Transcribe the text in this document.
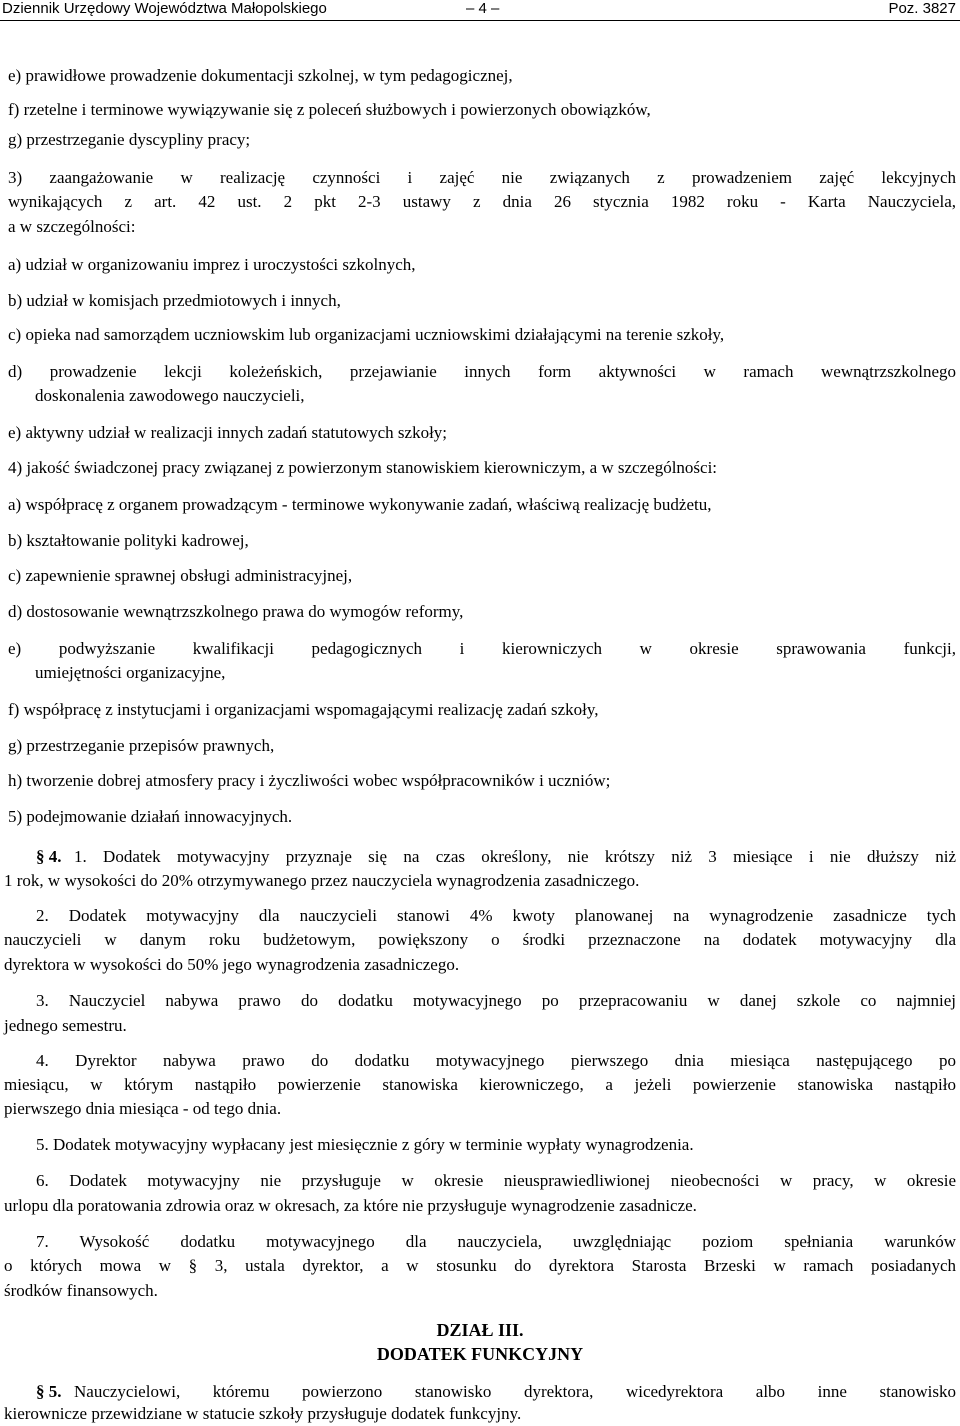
Dziennik Urzędowy Województwa Małopolskiego	– 4 –	Poz. 3827
e) prawidłowe prowadzenie dokumentacji szkolnej, w tym pedagogicznej,
f) rzetelne i terminowe wywiązywanie się z poleceń służbowych i powierzonych obowiązków,
g) przestrzeganie dyscypliny pracy;
3) zaangażowanie w realizację czynności i zajęć nie związanych z prowadzeniem zajęć lekcyjnych
wynikających z art. 42 ust. 2 pkt 2-3 ustawy z dnia 26 stycznia 1982 roku - Karta Nauczyciela,
a w szczególności:
a) udział w organizowaniu imprez i uroczystości szkolnych,
b) udział w komisjach przedmiotowych i innych,
c) opieka nad samorządem uczniowskim lub organizacjami uczniowskimi działającymi na terenie szkoły,
d) prowadzenie lekcji koleżeńskich, przejawianie innych form aktywności w ramach wewnątrzszkolnego
doskonalenia zawodowego nauczycieli,
e) aktywny udział w realizacji innych zadań statutowych szkoły;
4) jakość świadczonej pracy związanej z powierzonym stanowiskiem kierowniczym, a w szczególności:
a) współpracę z organem prowadzącym - terminowe wykonywanie zadań, właściwą realizację budżetu,
b) kształtowanie polityki kadrowej,
c) zapewnienie sprawnej obsługi administracyjnej,
d) dostosowanie wewnątrzszkolnego prawa do wymogów reformy,
e) podwyższanie kwalifikacji pedagogicznych i kierowniczych w okresie sprawowania funkcji,
umiejętności organizacyjne,
f) współpracę z instytucjami i organizacjami wspomagającymi realizację zadań szkoły,
g) przestrzeganie przepisów prawnych,
h) tworzenie dobrej atmosfery pracy i życzliwości wobec współpracowników i uczniów;
5) podejmowanie działań innowacyjnych.
§ 4. 1. Dodatek motywacyjny przyznaje się na czas określony, nie krótszy niż 3 miesiące i nie dłuższy niż
1 rok, w wysokości do 20% otrzymywanego przez nauczyciela wynagrodzenia zasadniczego.
2. Dodatek motywacyjny dla nauczycieli stanowi 4% kwoty planowanej na wynagrodzenie zasadnicze tych
nauczycieli w danym roku budżetowym, powiększony o środki przeznaczone na dodatek motywacyjny dla
dyrektora w wysokości do 50% jego wynagrodzenia zasadniczego.
3. Nauczyciel nabywa prawo do dodatku motywacyjnego po przepracowaniu w danej szkole co najmniej
jednego semestru.
4. Dyrektor nabywa prawo do dodatku motywacyjnego pierwszego dnia miesiąca następującego po
miesiącu, w którym nastąpiło powierzenie stanowiska kierowniczego, a jeżeli powierzenie stanowiska nastąpiło
pierwszego dnia miesiąca - od tego dnia.
5. Dodatek motywacyjny wypłacany jest miesięcznie z góry w terminie wypłaty wynagrodzenia.
6. Dodatek motywacyjny nie przysługuje w okresie nieusprawiedliwionej nieobecności w pracy, w okresie
urlopu dla poratowania zdrowia oraz w okresach, za które nie przysługuje wynagrodzenie zasadnicze.
7. Wysokość dodatku motywacyjnego dla nauczyciela, uwzględniając poziom spełniania warunków
o których mowa w § 3, ustala dyrektor, a w stosunku do dyrektora Starosta Brzeski w ramach posiadanych
środków finansowych.
DZIAŁ III.
DODATEK FUNKCYJNY
§ 5. Nauczycielowi, któremu powierzono stanowisko dyrektora, wicedyrektora albo inne stanowisko
kierownicze przewidziane w statucie szkoły przysługuje dodatek funkcyjny.
